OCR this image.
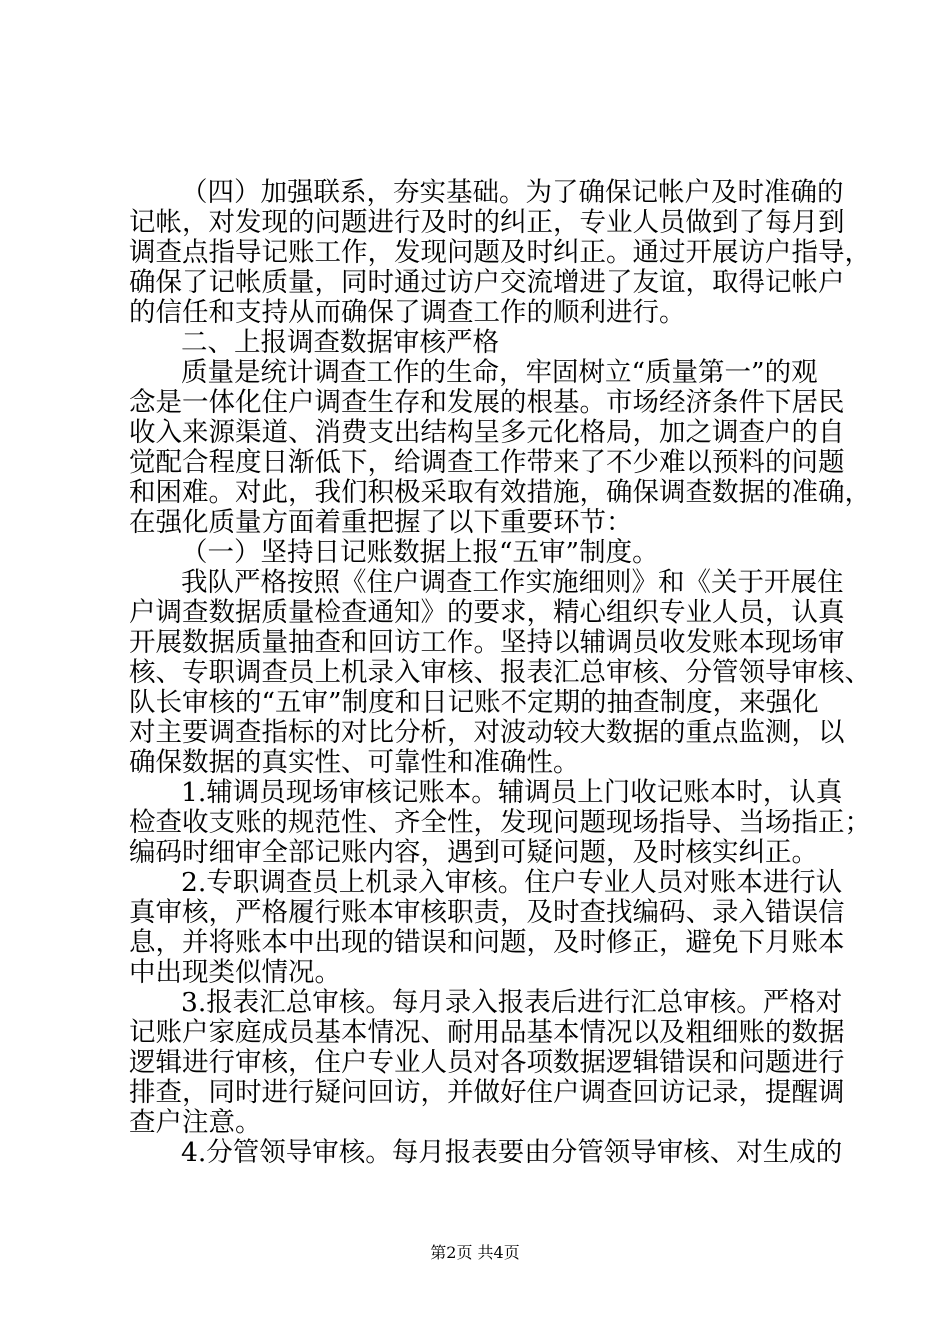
（四）加强联系，夯实基础。为了确保记帐户及时准确的
记帐，对发现的问题进行及时的纠正，专业人员做到了每月到
调查点指导记账工作，发现问题及时纠正。通过开展访户指导，
确保了记帐质量，同时通过访户交流增进了友谊，取得记帐户
的信任和支持从而确保了调查工作的顺利进行。
二、上报调查数据审核严格
质量是统计调查工作的生命，牢固树立“质量第一”的观
念是一体化住户调查生存和发展的根基。市场经济条件下居民
收入来源渠道、消费支出结构呈多元化格局，加之调查户的自
觉配合程度日渐低下，给调查工作带来了不少难以预料的问题
和困难。对此，我们积极采取有效措施，确保调查数据的准确，
在强化质量方面着重把握了以下重要环节：
（一）坚持日记账数据上报“五审”制度。
我队严格按照《住户调查工作实施细则》和《关于开展住
户调查数据质量检查通知》的要求，精心组织专业人员，认真
开展数据质量抽查和回访工作。坚持以辅调员收发账本现场审
核、专职调查员上机录入审核、报表汇总审核、分管领导审核、
队长审核的“五审”制度和日记账不定期的抽查制度，来强化
对主要调查指标的对比分析，对波动较大数据的重点监测，以
确保数据的真实性、可靠性和准确性。
1.辅调员现场审核记账本。辅调员上门收记账本时，认真
检查收支账的规范性、齐全性，发现问题现场指导、当场指正；
编码时细审全部记账内容，遇到可疑问题，及时核实纠正。
2.专职调查员上机录入审核。住户专业人员对账本进行认
真审核，严格履行账本审核职责，及时查找编码、录入错误信
息，并将账本中出现的错误和问题，及时修正，避免下月账本
中出现类似情况。
3.报表汇总审核。每月录入报表后进行汇总审核。严格对
记账户家庭成员基本情况、耐用品基本情况以及粗细账的数据
逻辑进行审核，住户专业人员对各项数据逻辑错误和问题进行
排查，同时进行疑问回访，并做好住户调查回访记录，提醒调
查户注意。
4.分管领导审核。每月报表要由分管领导审核、对生成的
第2页 共4页
